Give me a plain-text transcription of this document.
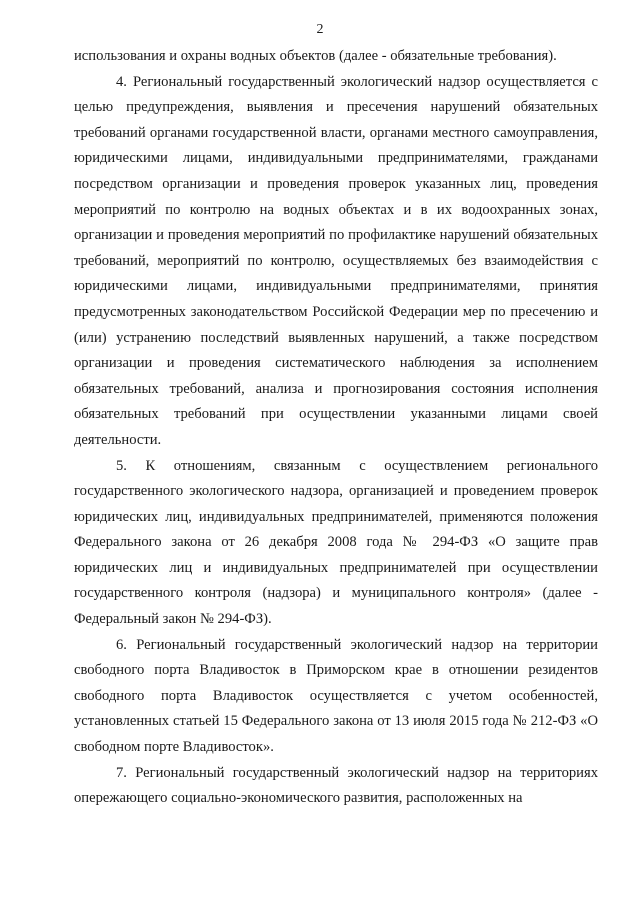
2

использования и охраны водных объектов (далее - обязательные требования).

4. Региональный государственный экологический надзор осуществляется с целью предупреждения, выявления и пресечения нарушений обязательных требований органами государственной власти, органами местного самоуправления, юридическими лицами, индивидуальными предпринимателями, гражданами посредством организации и проведения проверок указанных лиц, проведения мероприятий по контролю на водных объектах и в их водоохранных зонах, организации и проведения мероприятий по профилактике нарушений обязательных требований, мероприятий по контролю, осуществляемых без взаимодействия с юридическими лицами, индивидуальными предпринимателями, принятия предусмотренных законодательством Российской Федерации мер по пресечению и (или) устранению последствий выявленных нарушений, а также посредством организации и проведения систематического наблюдения за исполнением обязательных требований, анализа и прогнозирования состояния исполнения обязательных требований при осуществлении указанными лицами своей деятельности.

5. К отношениям, связанным с осуществлением регионального государственного экологического надзора, организацией и проведением проверок юридических лиц, индивидуальных предпринимателей, применяются положения Федерального закона от 26 декабря 2008 года № 294-ФЗ «О защите прав юридических лиц и индивидуальных предпринимателей при осуществлении государственного контроля (надзора) и муниципального контроля» (далее - Федеральный закон № 294-ФЗ).

6. Региональный государственный экологический надзор на территории свободного порта Владивосток в Приморском крае в отношении резидентов свободного порта Владивосток осуществляется с учетом особенностей, установленных статьей 15 Федерального закона от 13 июля 2015 года № 212-ФЗ «О свободном порте Владивосток».

7. Региональный государственный экологический надзор на территориях опережающего социально-экономического развития, расположенных на
